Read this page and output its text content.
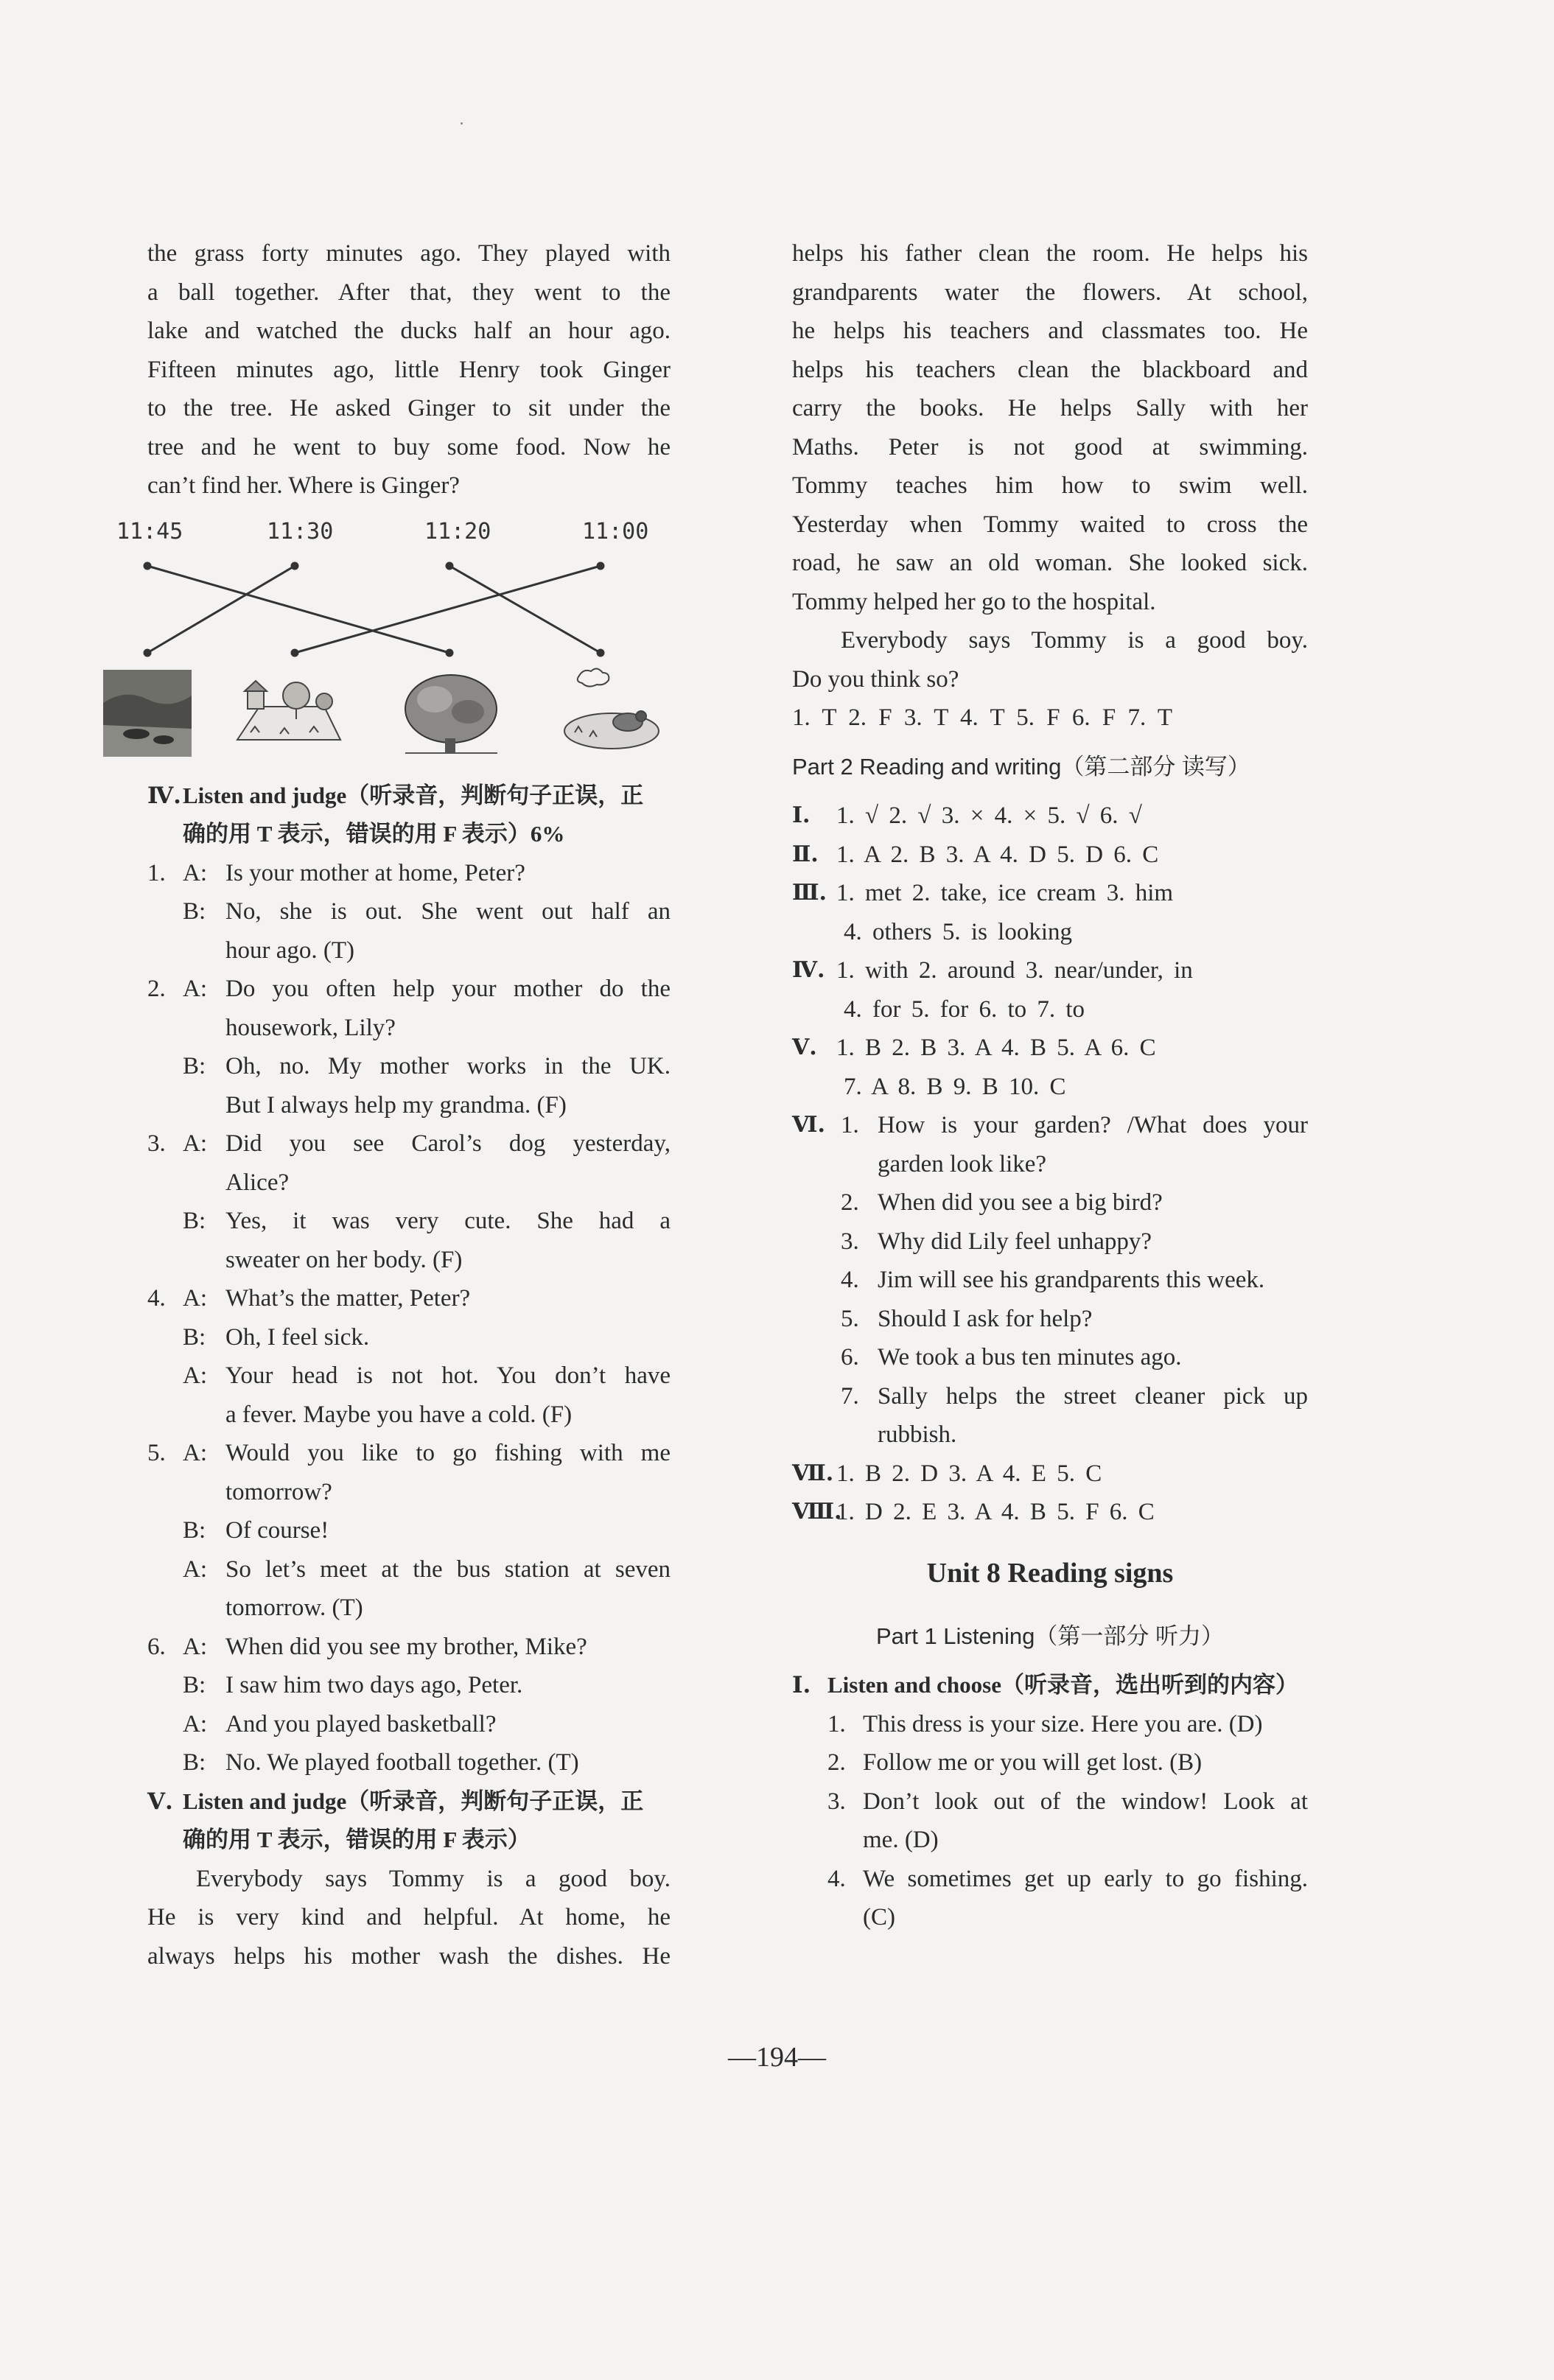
the grass forty minutes ago. They played with
a ball together. After that, they went to the
lake and watched the ducks half an hour ago.
Fifteen minutes ago, little Henry took Ginger
to the tree. He asked Ginger to sit under the
tree and he went to buy some food. Now he
can’t find her. Where is Ginger?
11:45	11:30	11:20	11:00
Ⅳ. Listen and judge（听录音，判断句子正误，正
确的用 T 表示，错误的用 F 表示）6%
1. A: Is your mother at home, Peter?
B: No, she is out. She went out half an
hour ago. (T)
2. A: Do you often help your mother do the
housework, Lily?
B: Oh, no. My mother works in the UK.
But I always help my grandma. (F)
3. A: Did you see Carol’s dog yesterday,
Alice?
B: Yes, it was very cute. She had a
sweater on her body. (F)
4. A: What’s the matter, Peter?
B: Oh, I feel sick.
A: Your head is not hot. You don’t have
a fever. Maybe you have a cold. (F)
5. A: Would you like to go fishing with me
tomorrow?
B: Of course!
A: So let’s meet at the bus station at seven
tomorrow. (T)
6. A: When did you see my brother, Mike?
B: I saw him two days ago, Peter.
A: And you played basketball?
B: No. We played football together. (T)
Ⅴ. Listen and judge（听录音，判断句子正误，正
确的用 T 表示，错误的用 F 表示）
Everybody says Tommy is a good boy.
He is very kind and helpful. At home, he
always helps his mother wash the dishes. He
helps his father clean the room. He helps his
grandparents water the flowers. At school,
he helps his teachers and classmates too. He
helps his teachers clean the blackboard and
carry the books. He helps Sally with her
Maths. Peter is not good at swimming.
Tommy teaches him how to swim well.
Yesterday when Tommy waited to cross the
road, he saw an old woman. She looked sick.
Tommy helped her go to the hospital.
Everybody says Tommy is a good boy.
Do you think so?
1. T 2. F 3. T 4. T 5. F 6. F 7. T
Part 2 Reading and writing（第二部分 读写）
Ⅰ.	1. √ 2. √ 3. × 4. × 5. √ 6. √
Ⅱ. 1. A 2. B 3. A 4. D 5. D 6. C
Ⅲ. 1. met 2. take, ice cream 3. him
4. others 5. is looking
Ⅳ. 1. with 2. around 3. near/under, in
4. for 5. for 6. to 7. to
Ⅴ. 1. B 2. B 3. A 4. B 5. A 6. C
7. A 8. B 9. B 10. C
Ⅵ. 1. How is your garden? /What does your
garden look like?
2. When did you see a big bird?
3. Why did Lily feel unhappy?
4. Jim will see his grandparents this week.
5. Should I ask for help?
6. We took a bus ten minutes ago.
7. Sally helps the street cleaner pick up
rubbish.
Ⅶ. 1. B 2. D 3. A 4. E 5. C
Ⅷ.
1. D 2. E 3. A 4. B 5. F 6. C
Unit 8 Reading signs
Part 1 Listening（第一部分 听力）
Ⅰ. Listen and choose（听录音，选出听到的内容）
1. This dress is your size. Here you are. (D)
2. Follow me or you will get lost. (B)
3. Don’t look out of the window! Look at
me. (D)
4. We sometimes get up early to go fishing.
(C)
—194—
